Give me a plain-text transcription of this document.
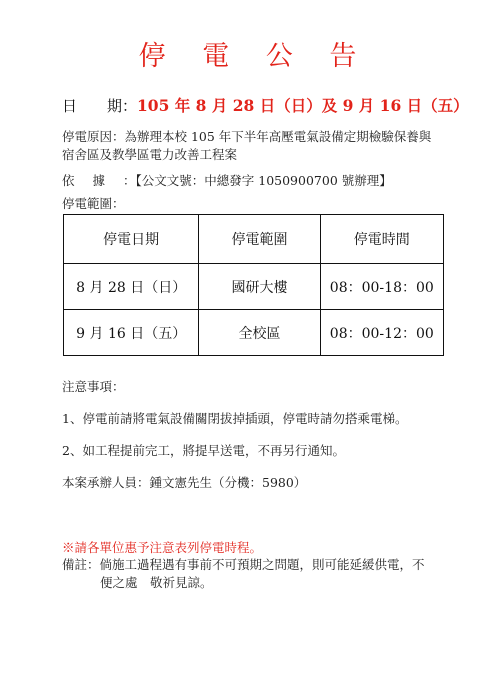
停 電 公 告
日　　期：105 年 8 月 28 日（日）及 9 月 16 日（五）
停電原因：為辦理本校 105 年下半年高壓電氣設備定期檢驗保養與
宿舍區及教學區電力改善工程案
依據：【公文文號：中總發字 1050900700 號辦理】
停電範圍：
停電日期	停電範圍	停電時間
8 月 28 日（日）	國研大樓	08：00-18：00
9 月 16 日（五）	全校區	08：00-12：00
注意事項：
1、停電前請將電氣設備關閉拔掉插頭，停電時請勿搭乘電梯。
2、如工程提前完工，將提早送電，不再另行通知。
本案承辦人員：鍾文憲先生（分機：5980）
※請各單位惠予注意表列停電時程。
備註：倘施工過程遇有事前不可預期之問題，則可能延緩供電，不
便之處　敬祈見諒。
